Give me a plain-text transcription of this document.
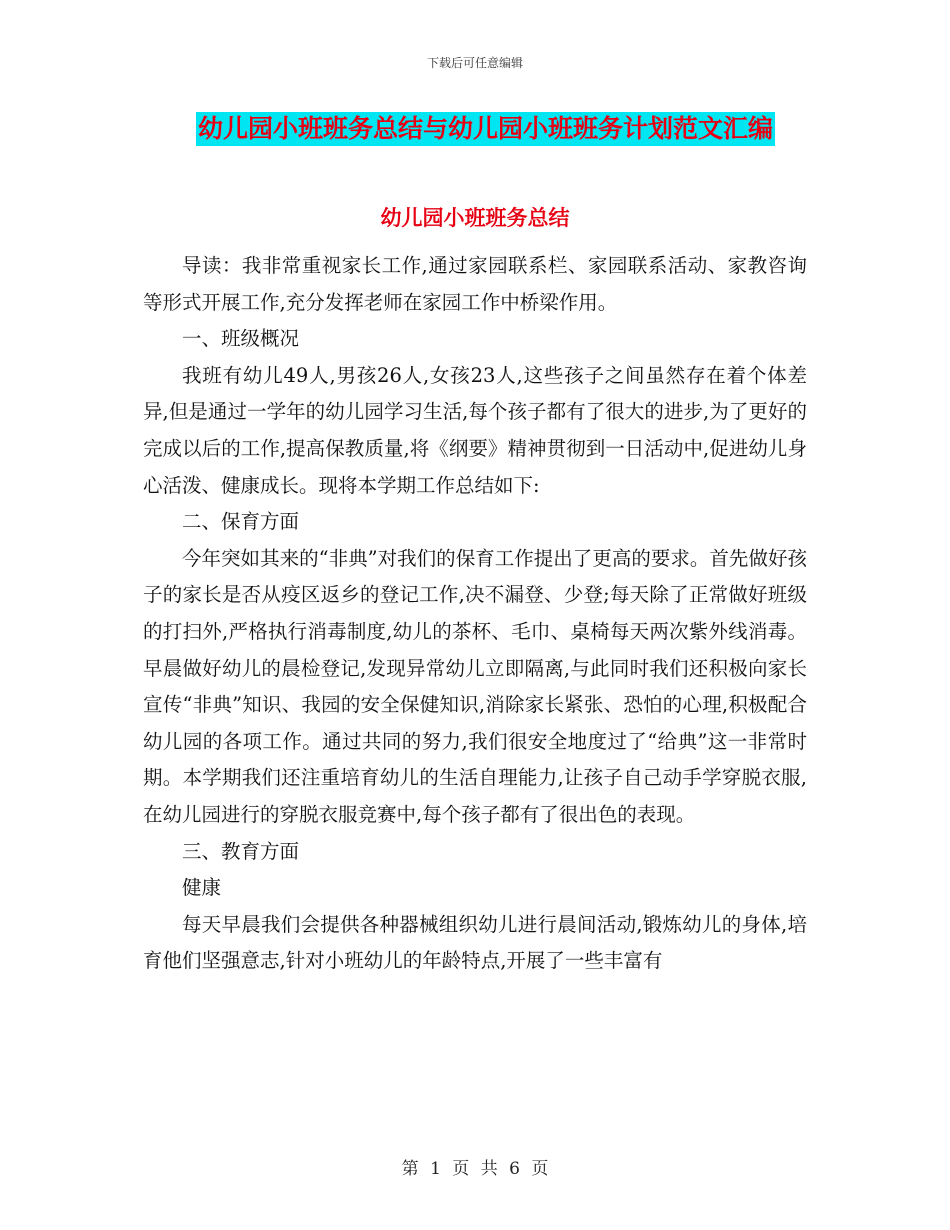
下载后可任意编辑
幼儿园小班班务总结与幼儿园小班班务计划范文汇编
幼儿园小班班务总结

导读：我非常重视家长工作,通过家园联系栏、家园联系活动、家教咨询等形式开展工作,充分发挥老师在家园工作中桥梁作用。

一、班级概况

我班有幼儿49人,男孩26人,女孩23人,这些孩子之间虽然存在着个体差异,但是通过一学年的幼儿园学习生活,每个孩子都有了很大的进步,为了更好的完成以后的工作,提高保教质量,将《纲要》精神贯彻到一日活动中,促进幼儿身心活泼、健康成长。现将本学期工作总结如下:

二、保育方面

今年突如其来的“非典”对我们的保育工作提出了更高的要求。首先做好孩子的家长是否从疫区返乡的登记工作,决不漏登、少登;每天除了正常做好班级的打扫外,严格执行消毒制度,幼儿的茶杯、毛巾、桌椅每天两次紫外线消毒。早晨做好幼儿的晨检登记,发现异常幼儿立即隔离,与此同时我们还积极向家长宣传“非典”知识、我园的安全保健知识,消除家长紧张、恐怕的心理,积极配合幼儿园的各项工作。通过共同的努力,我们很安全地度过了“给典”这一非常时期。本学期我们还注重培育幼儿的生活自理能力,让孩子自己动手学穿脱衣服,在幼儿园进行的穿脱衣服竞赛中,每个孩子都有了很出色的表现。

三、教育方面

健康

每天早晨我们会提供各种器械组织幼儿进行晨间活动,锻炼幼儿的身体,培育他们坚强意志,针对小班幼儿的年龄特点,开展了一些丰富有

第 1 页 共 6 页
